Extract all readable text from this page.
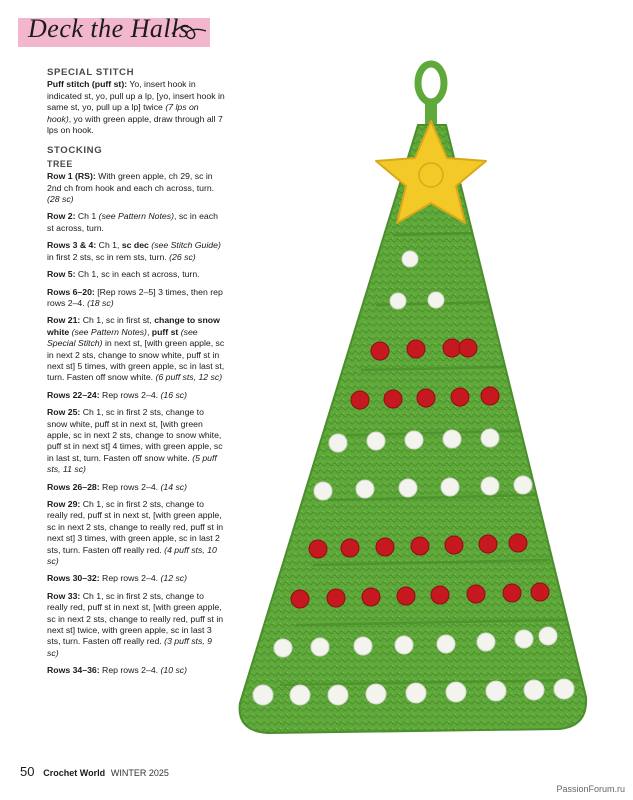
Deck the Halls
SPECIAL STITCH

Puff stitch (puff st): Yo, insert hook in indicated st, yo, pull up a lp, [yo, insert hook in same st, yo, pull up a lp] twice (7 lps on hook), yo with green apple, draw through all 7 lps on hook.

STOCKING
TREE

Row 1 (RS): With green apple, ch 29, sc in 2nd ch from hook and each ch across, turn. (28 sc)

Row 2: Ch 1 (see Pattern Notes), sc in each st across, turn.

Rows 3 & 4: Ch 1, sc dec (see Stitch Guide) in first 2 sts, sc in rem sts, turn. (26 sc)

Row 5: Ch 1, sc in each st across, turn.

Rows 6–20: [Rep rows 2–5] 3 times, then rep rows 2–4. (18 sc)

Row 21: Ch 1, sc in first st, change to snow white (see Pattern Notes), puff st (see Special Stitch) in next st, [with green apple, sc in next 2 sts, change to snow white, puff st in next st] 5 times, with green apple, sc in last st, turn. Fasten off snow white. (6 puff sts, 12 sc)

Rows 22–24: Rep rows 2–4. (16 sc)

Row 25: Ch 1, sc in first 2 sts, change to snow white, puff st in next st, [with green apple, sc in next 2 sts, change to snow white, puff st in next st] 4 times, with green apple, sc in last st, turn. Fasten off snow white. (5 puff sts, 11 sc)

Rows 26–28: Rep rows 2–4. (14 sc)

Row 29: Ch 1, sc in first 2 sts, change to really red, puff st in next st, [with green apple, sc in next 2 sts, change to really red, puff st in next st] 3 times, with green apple, sc in last 2 sts, turn. Fasten off really red. (4 puff sts, 10 sc)

Rows 30–32: Rep rows 2–4. (12 sc)

Row 33: Ch 1, sc in first 2 sts, change to really red, puff st in next st, [with green apple, sc in next 2 sts, change to really red, puff st in next st] twice, with green apple, sc in last 3 sts, turn. Fasten off really red. (3 puff sts, 9 sc)

Rows 34–36: Rep rows 2–4. (10 sc)

50 Crochet World WINTER 2025
PassionForum.ru
